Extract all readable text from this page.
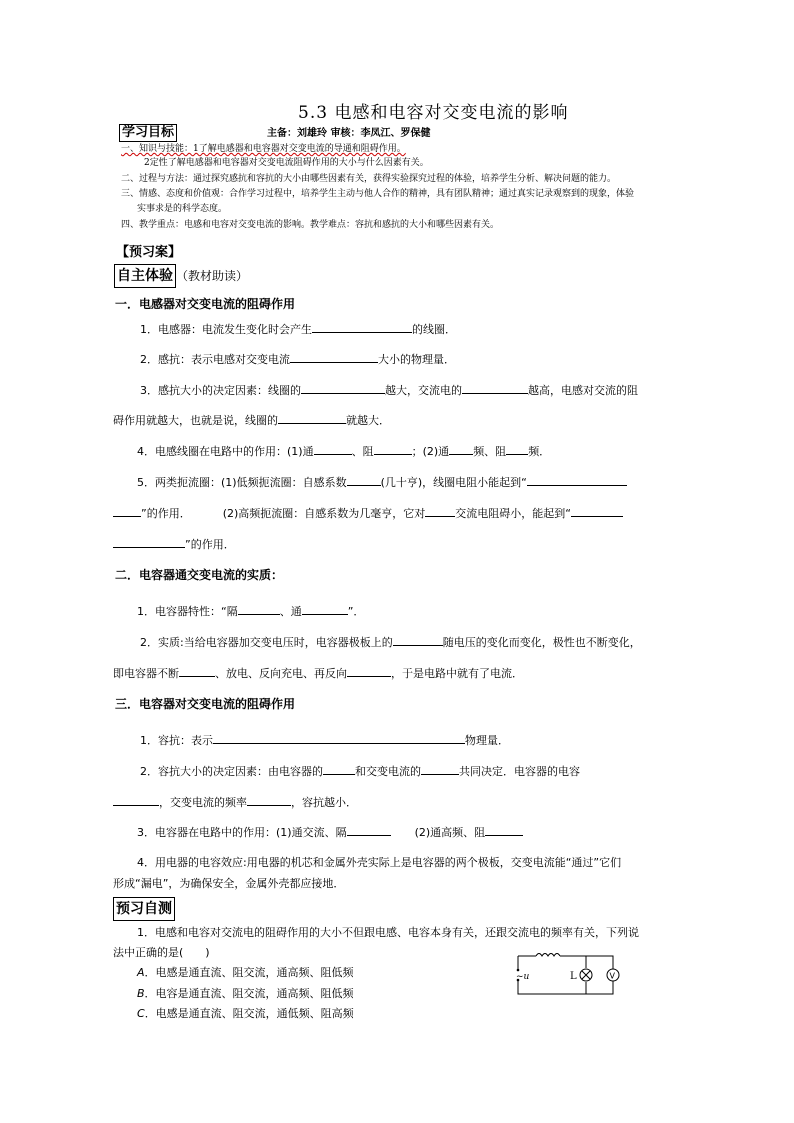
5.3 电感和电容对交变电流的影响
学习目标	主备：刘雄玲 审核：李凤江、罗保健
一、知识与技能：1了解电感器和电容器对交变电流的导通和阻碍作用。
2定性了解电感器和电容器对交变电流阻碍作用的大小与什么因素有关。
二、过程与方法：通过探究感抗和容抗的大小由哪些因素有关，获得实验探究过程的体验，培养学生分析、解决问题的能力。
三、情感、态度和价值观：合作学习过程中，培养学生主动与他人合作的精神，具有团队精神；通过真实记录观察到的现象，体验
实事求是的科学态度。
四、教学重点：电感和电容对交变电流的影响。教学难点：容抗和感抗的大小和哪些因素有关。
【预习案】
自主体验 （教材助读）
一．电感器对交变电流的阻碍作用
1．电感器：电流发生变化时会产生	的线圈．
2．感抗：表示电感对交变电流	大小的物理量．
3．感抗大小的决定因素：线圈的	越大，交流电的	越高，电感对交流的阻
碍作用就越大，也就是说，线圈的	就越大．
4．电感线圈在电路中的作用：(1)通	、阻	；(2)通 频、阻 频．
5．两类扼流圈：(1)低频扼流圈：自感系数	(几十亨)，线圈电阻小能起到“
”的作用．	(2)高频扼流圈：自感系数为几毫亨，它对	交流电阻碍小，能起到“
”的作用．
二．电容器通交变电流的实质：
1．电容器特性：“隔	、通	”．
2．实质:当给电容器加交变电压时，电容器极板上的	随电压的变化而变化，极性也不断变化，
即电容器不断	、放电、反向充电、再反向	，于是电路中就有了电流．
三．电容器对交变电流的阻碍作用
1．容抗：表示	物理量．
2．容抗大小的决定因素：由电容器的	和交变电流的	共同决定．电容器的电容
，交变电流的频率	，容抗越小．
3．电容器在电路中的作用：(1)通交流、隔	(2)通高频、阻
4．用电器的电容效应:用电器的机芯和金属外壳实际上是电容器的两个极板，交变电流能“通过”它们
形成“漏电”，为确保安全，金属外壳都应接地．
预习自测
1．电感和电容对交流电的阻碍作用的大小不但跟电感、电容本身有关，还跟交流电的频率有关，下列说
法中正确的是(　　)
A．电感是通直流、阻交流，通高频、阻低频
B．电容是通直流、阻交流，通高频、阻低频
C．电感是通直流、阻交流，通低频、阻高频
~u	L	V
